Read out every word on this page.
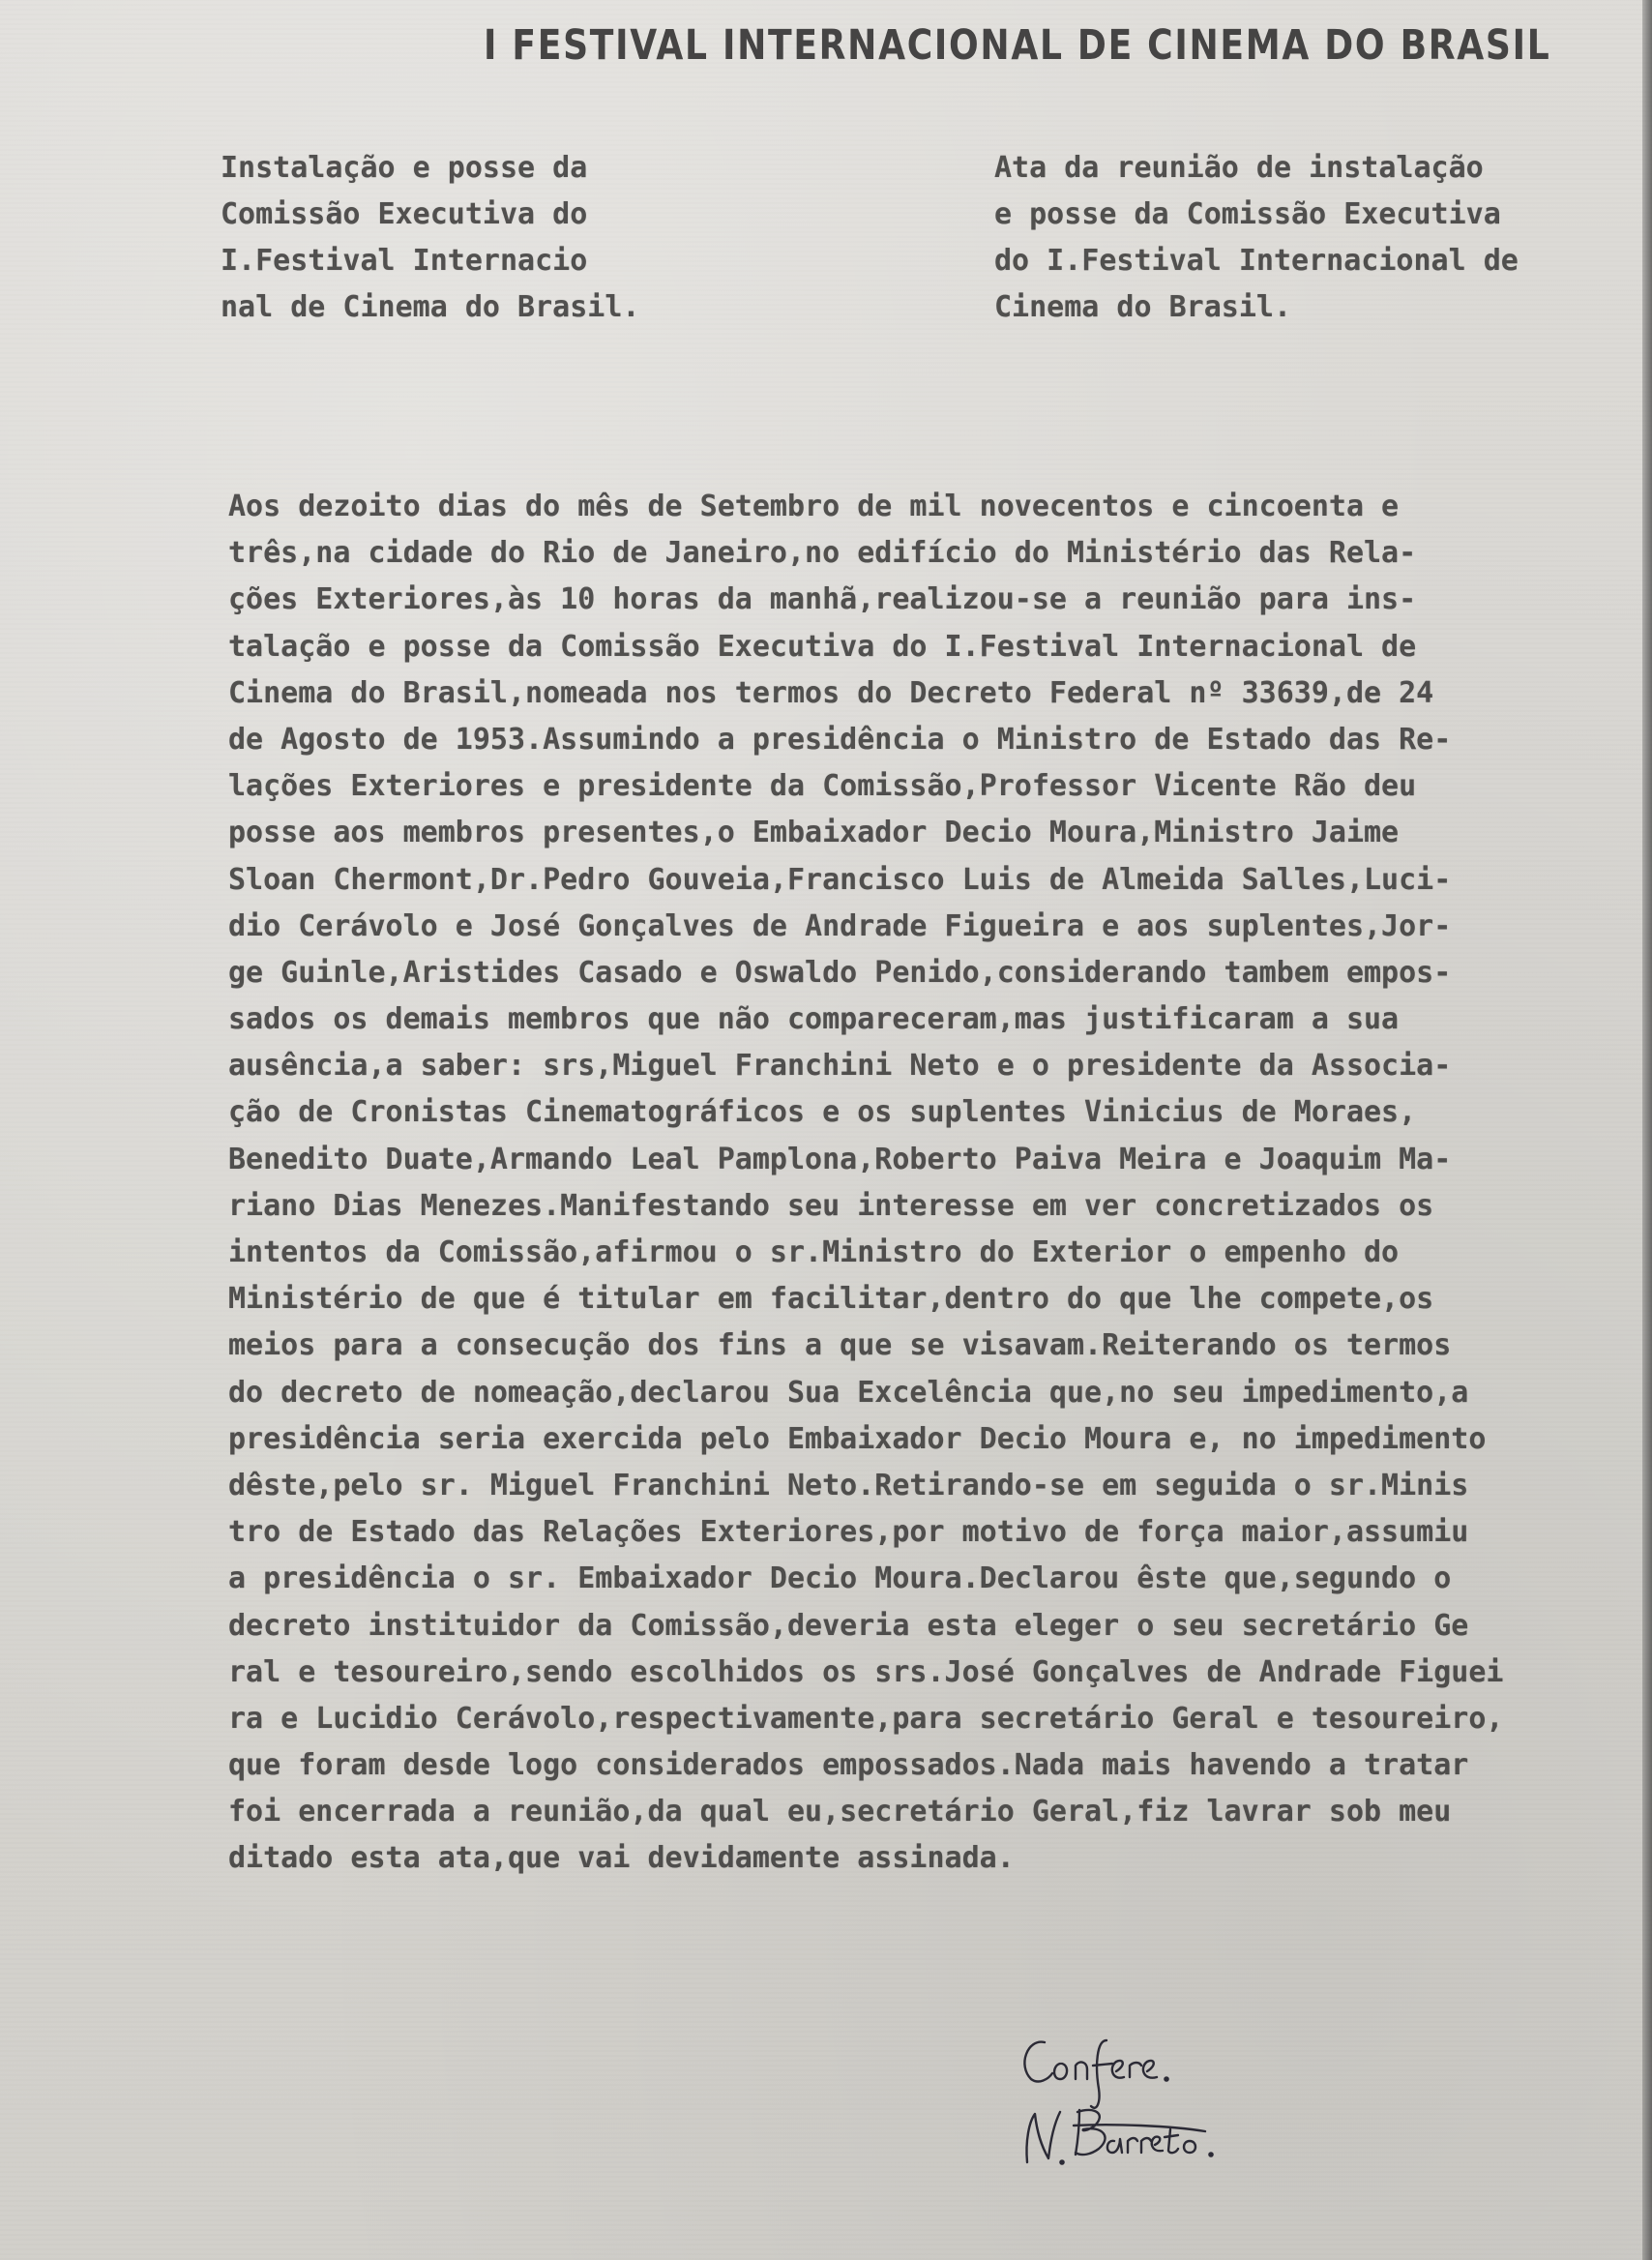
I FESTIVAL INTERNACIONAL DE CINEMA DO BRASIL
Instalação e posse da
Comissão Executiva do
I.Festival Internacio
nal de Cinema do Brasil.
Ata da reunião de instalação
e posse da Comissão Executiva
do I.Festival Internacional de
Cinema do Brasil.
Aos dezoito dias do mês de Setembro de mil novecentos e cincoenta e
três,na cidade do Rio de Janeiro,no edifício do Ministério das Rela-
ções Exteriores,às 10 horas da manhã,realizou-se a reunião para ins-
talação e posse da Comissão Executiva do I.Festival Internacional de
Cinema do Brasil,nomeada nos termos do Decreto Federal nº 33639,de 24
de Agosto de 1953.Assumindo a presidência o Ministro de Estado das Re-
lações Exteriores e presidente da Comissão,Professor Vicente Rão deu
posse aos membros presentes,o Embaixador Decio Moura,Ministro Jaime
Sloan Chermont,Dr.Pedro Gouveia,Francisco Luis de Almeida Salles,Luci-
dio Cerávolo e José Gonçalves de Andrade Figueira e aos suplentes,Jor-
ge Guinle,Aristides Casado e Oswaldo Penido,considerando tambem empos-
sados os demais membros que não compareceram,mas justificaram a sua
ausência,a saber: srs,Miguel Franchini Neto e o presidente da Associa-
ção de Cronistas Cinematográficos e os suplentes Vinicius de Moraes,
Benedito Duate,Armando Leal Pamplona,Roberto Paiva Meira e Joaquim Ma-
riano Dias Menezes.Manifestando seu interesse em ver concretizados os
intentos da Comissão,afirmou o sr.Ministro do Exterior o empenho do
Ministério de que é titular em facilitar,dentro do que lhe compete,os
meios para a consecução dos fins a que se visavam.Reiterando os termos
do decreto de nomeação,declarou Sua Excelência que,no seu impedimento,a
presidência seria exercida pelo Embaixador Decio Moura e, no impedimento
dêste,pelo sr. Miguel Franchini Neto.Retirando-se em seguida o sr.Minis
tro de Estado das Relações Exteriores,por motivo de força maior,assumiu
a presidência o sr. Embaixador Decio Moura.Declarou êste que,segundo o
decreto instituidor da Comissão,deveria esta eleger o seu secretário Ge
ral e tesoureiro,sendo escolhidos os srs.José Gonçalves de Andrade Figuei
ra e Lucidio Cerávolo,respectivamente,para secretário Geral e tesoureiro,
que foram desde logo considerados empossados.Nada mais havendo a tratar
foi encerrada a reunião,da qual eu,secretário Geral,fiz lavrar sob meu
ditado esta ata,que vai devidamente assinada.
